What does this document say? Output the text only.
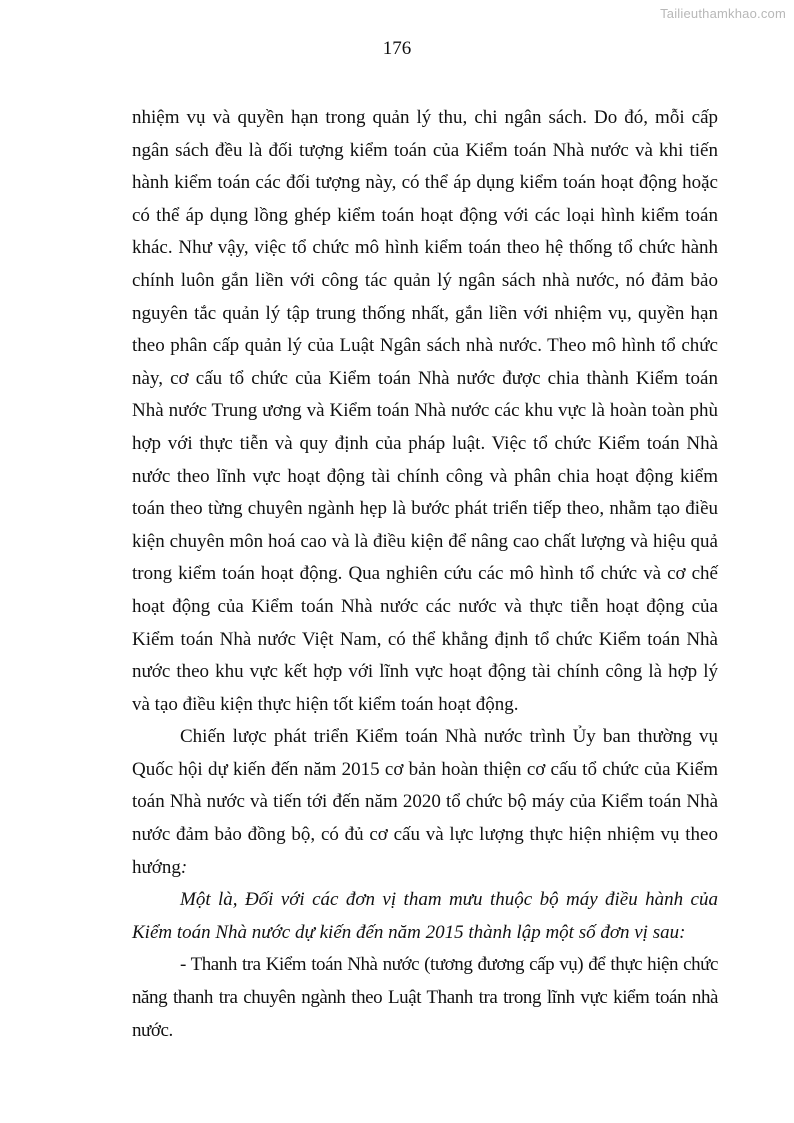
Tailieuthamkhao.com
176

nhiệm vụ và quyền hạn trong quản lý thu, chi ngân sách. Do đó, mỗi cấp ngân sách đều là đối tượng kiểm toán của Kiểm toán Nhà nước và khi tiến hành kiểm toán các đối tượng này, có thể áp dụng kiểm toán hoạt động hoặc có thể áp dụng lồng ghép kiểm toán hoạt động với các loại hình kiểm toán khác. Như vậy, việc tổ chức mô hình kiểm toán theo hệ thống tổ chức hành chính luôn gắn liền với công tác quản lý ngân sách nhà nước, nó đảm bảo nguyên tắc quản lý tập trung thống nhất, gắn liền với nhiệm vụ, quyền hạn theo phân cấp quản lý của Luật Ngân sách nhà nước. Theo mô hình tổ chức này, cơ cấu tổ chức của Kiểm toán Nhà nước được chia thành Kiểm toán Nhà nước Trung ương và Kiểm toán Nhà nước các khu vực là hoàn toàn phù hợp với thực tiễn và quy định của pháp luật. Việc tổ chức Kiểm toán Nhà nước theo lĩnh vực hoạt động tài chính công và phân chia hoạt động kiểm toán theo từng chuyên ngành hẹp là bước phát triển tiếp theo, nhằm tạo điều kiện chuyên môn hoá cao và là điều kiện để nâng cao chất lượng và hiệu quả trong kiểm toán hoạt động. Qua nghiên cứu các mô hình tổ chức và cơ chế hoạt động của Kiểm toán Nhà nước các nước và thực tiễn hoạt động của Kiểm toán Nhà nước Việt Nam, có thể khẳng định tổ chức Kiểm toán Nhà nước theo khu vực kết hợp với lĩnh vực hoạt động tài chính công là hợp lý và tạo điều kiện thực hiện tốt kiểm toán hoạt động.

Chiến lược phát triển Kiểm toán Nhà nước trình Ủy ban thường vụ Quốc hội dự kiến đến năm 2015 cơ bản hoàn thiện cơ cấu tổ chức của Kiểm toán Nhà nước và tiến tới đến năm 2020 tổ chức bộ máy của Kiểm toán Nhà nước đảm bảo đồng bộ, có đủ cơ cấu và lực lượng thực hiện nhiệm vụ theo hướng:

Một là, Đối với các đơn vị tham mưu thuộc bộ máy điều hành của Kiểm toán Nhà nước dự kiến đến năm 2015 thành lập một số đơn vị sau:

- Thanh tra Kiểm toán Nhà nước (tương đương cấp vụ) để thực hiện chức năng thanh tra chuyên ngành theo Luật Thanh tra trong lĩnh vực kiểm toán nhà nước.
